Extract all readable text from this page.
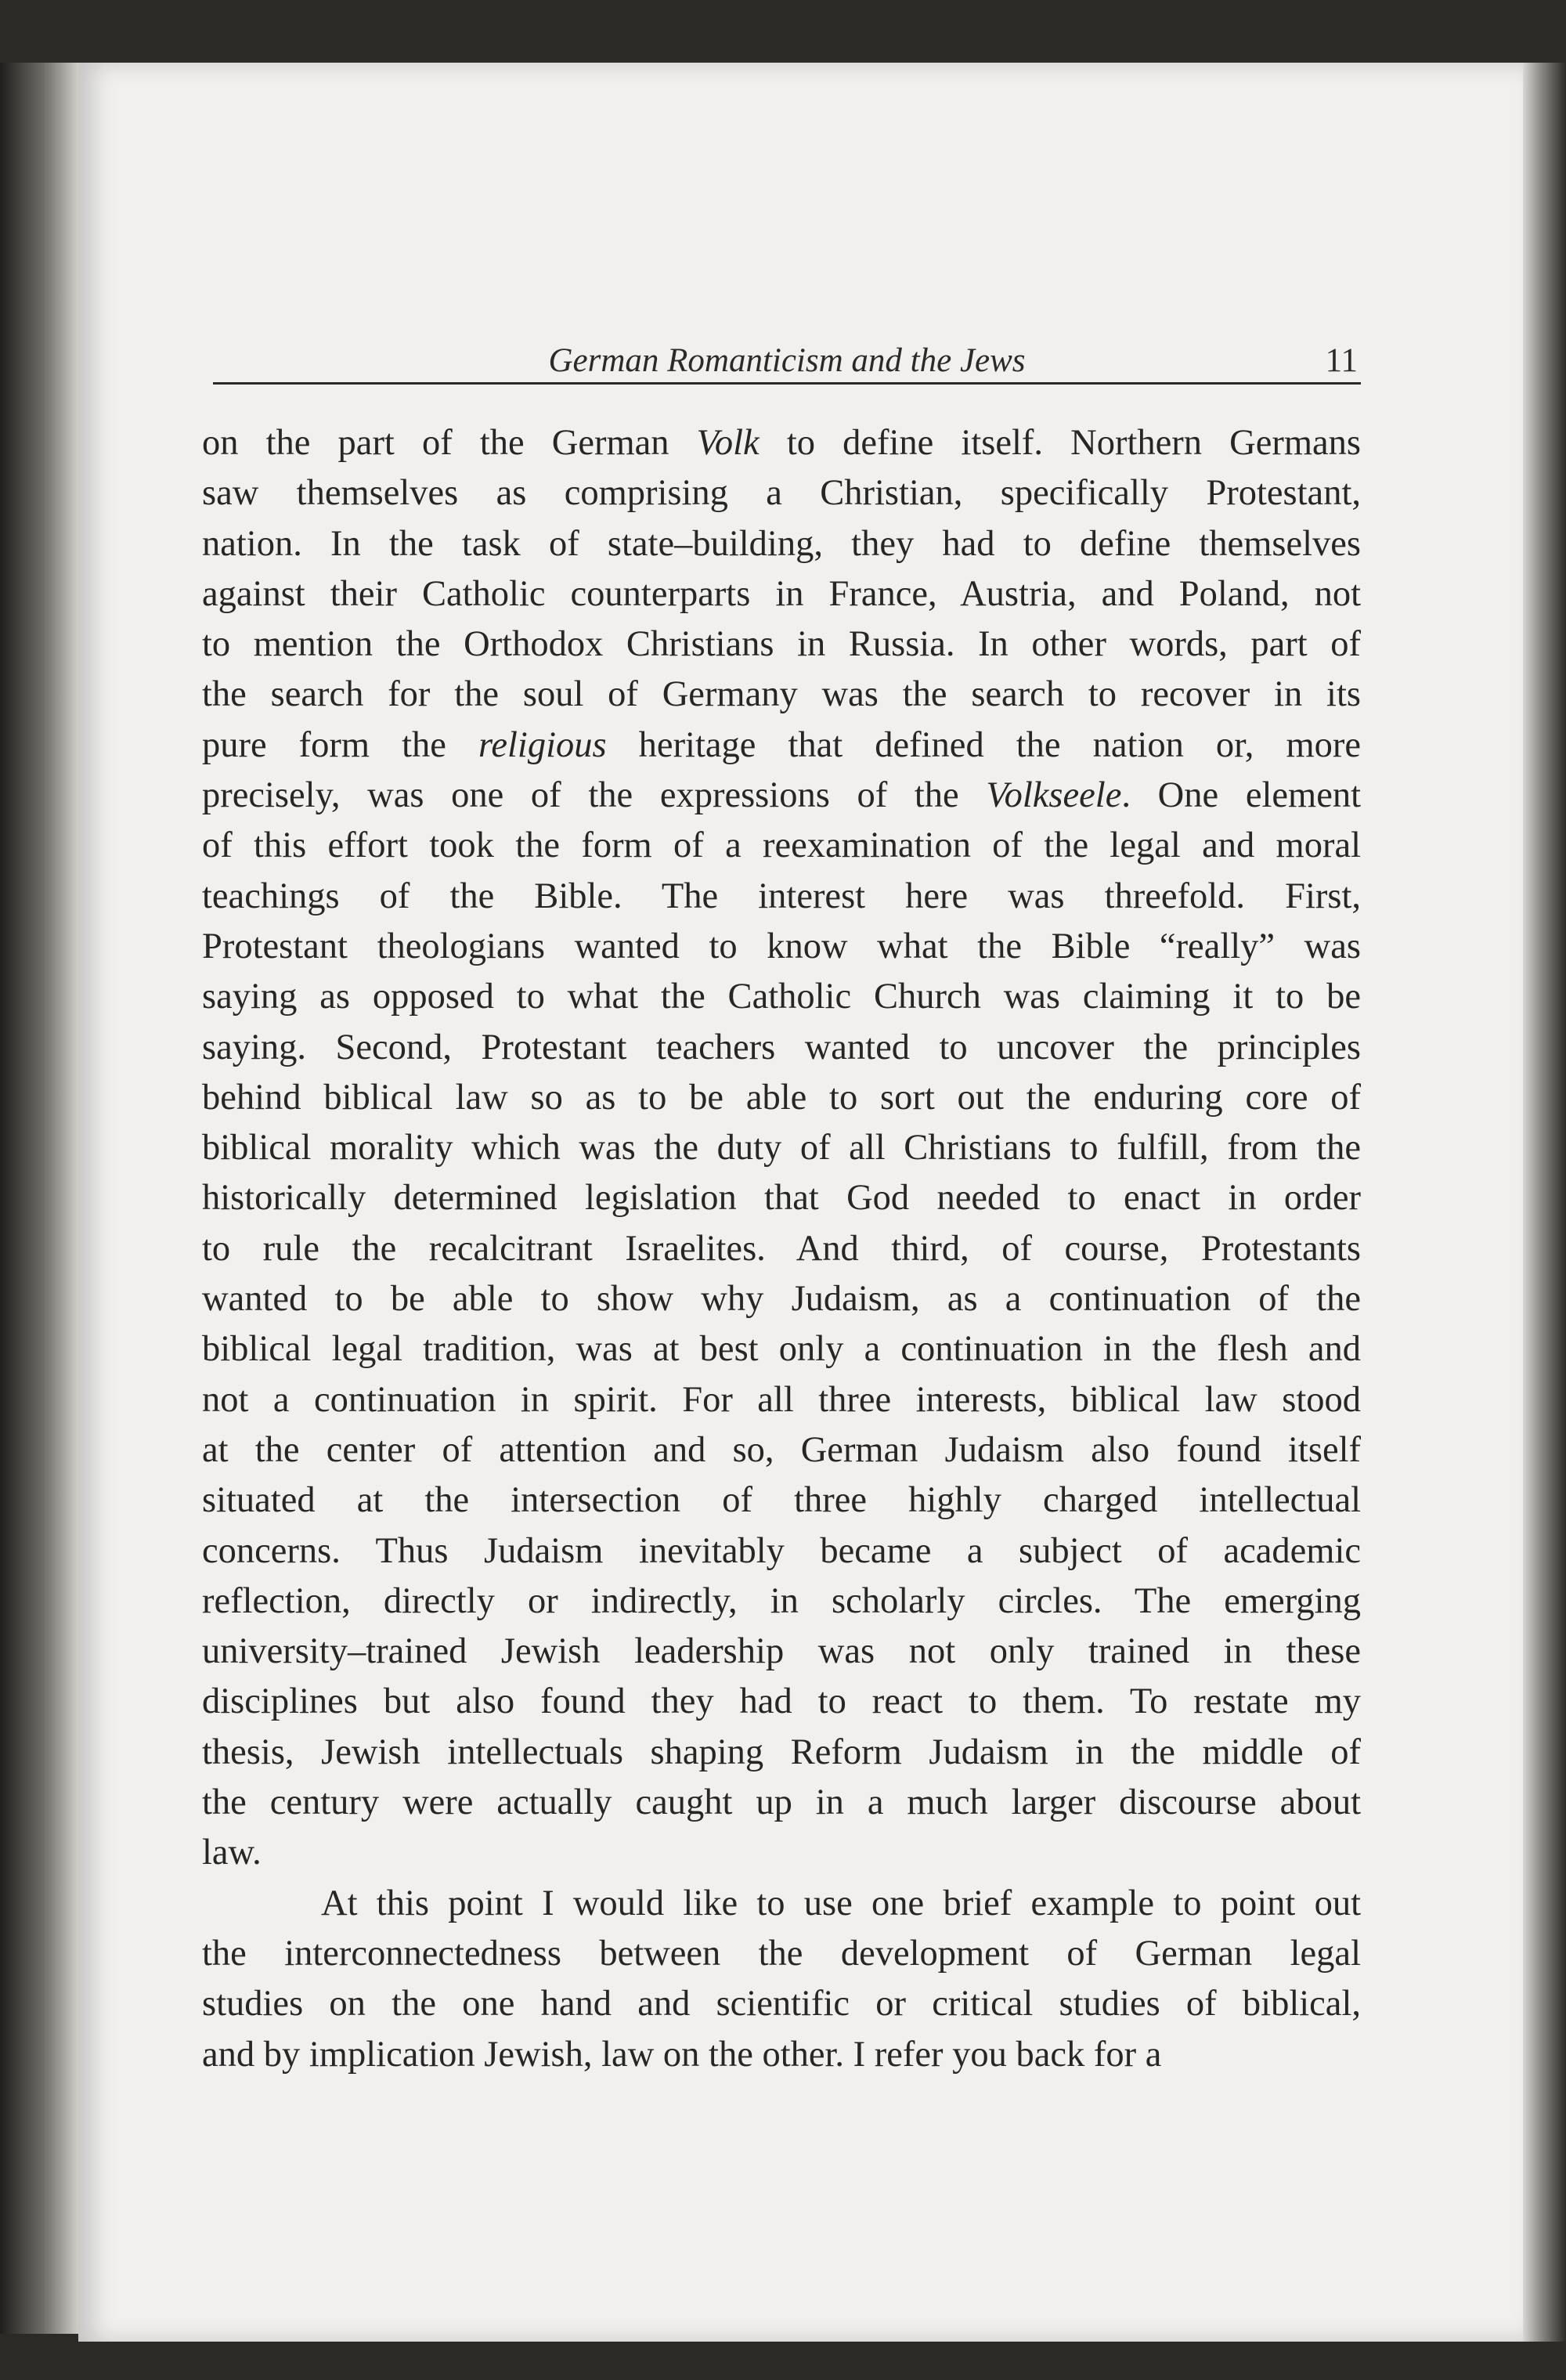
German Romanticism and the Jews	11
on the part of the German Volk to define itself. Northern Germans
saw themselves as comprising a Christian, specifically Protestant,
nation. In the task of state–building, they had to define themselves
against their Catholic counterparts in France, Austria, and Poland, not
to mention the Orthodox Christians in Russia. In other words, part of
the search for the soul of Germany was the search to recover in its
pure form the religious heritage that defined the nation or, more
precisely, was one of the expressions of the Volkseele. One element
of this effort took the form of a reexamination of the legal and moral
teachings of the Bible. The interest here was threefold. First,
Protestant theologians wanted to know what the Bible “really” was
saying as opposed to what the Catholic Church was claiming it to be
saying. Second, Protestant teachers wanted to uncover the principles
behind biblical law so as to be able to sort out the enduring core of
biblical morality which was the duty of all Christians to fulfill, from the
historically determined legislation that God needed to enact in order
to rule the recalcitrant Israelites. And third, of course, Protestants
wanted to be able to show why Judaism, as a continuation of the
biblical legal tradition, was at best only a continuation in the flesh and
not a continuation in spirit. For all three interests, biblical law stood
at the center of attention and so, German Judaism also found itself
situated at the intersection of three highly charged intellectual
concerns. Thus Judaism inevitably became a subject of academic
reflection, directly or indirectly, in scholarly circles. The emerging
university–trained Jewish leadership was not only trained in these
disciplines but also found they had to react to them. To restate my
thesis, Jewish intellectuals shaping Reform Judaism in the middle of
the century were actually caught up in a much larger discourse about
law.
At this point I would like to use one brief example to point out
the interconnectedness between the development of German legal
studies on the one hand and scientific or critical studies of biblical,
and by implication Jewish, law on the other. I refer you back for a
